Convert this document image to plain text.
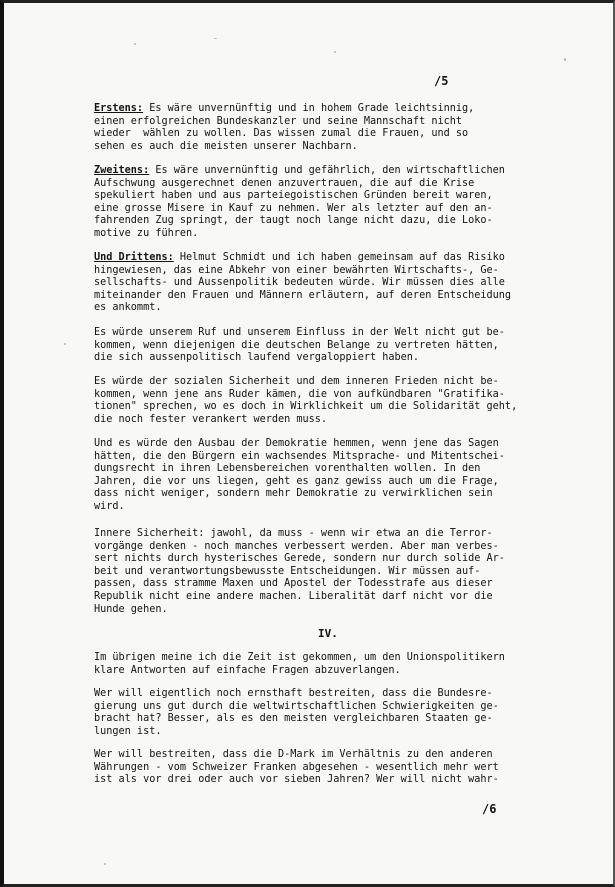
/5

Erstens: Es wäre unvernünftig und in hohem Grade leichtsinnig,
einen erfolgreichen Bundeskanzler und seine Mannschaft nicht
wieder  wählen zu wollen. Das wissen zumal die Frauen, und so
sehen es auch die meisten unserer Nachbarn.

Zweitens: Es wäre unvernünftig und gefährlich, den wirtschaftlichen
Aufschwung ausgerechnet denen anzuvertrauen, die auf die Krise
spekuliert haben und aus parteiegoistischen Gründen bereit waren,
eine grosse Misere in Kauf zu nehmen. Wer als letzter auf den an-
fahrenden Zug springt, der taugt noch lange nicht dazu, die Loko-
motive zu führen.

Und Drittens: Helmut Schmidt und ich haben gemeinsam auf das Risiko
hingewiesen, das eine Abkehr von einer bewährten Wirtschafts-, Ge-
sellschafts- und Aussenpolitik bedeuten würde. Wir müssen dies alle
miteinander den Frauen und Männern erläutern, auf deren Entscheidung
es ankommt.

Es würde unserem Ruf und unserem Einfluss in der Welt nicht gut be-
kommen, wenn diejenigen die deutschen Belange zu vertreten hätten,
die sich aussenpolitisch laufend vergaloppiert haben.

Es würde der sozialen Sicherheit und dem inneren Frieden nicht be-
kommen, wenn jene ans Ruder kämen, die von aufkündbaren "Gratifika-
tionen" sprechen, wo es doch in Wirklichkeit um die Solidarität geht,
die noch fester verankert werden muss.

Und es würde den Ausbau der Demokratie hemmen, wenn jene das Sagen
hätten, die den Bürgern ein wachsendes Mitsprache- und Mitentschei-
dungsrecht in ihren Lebensbereichen vorenthalten wollen. In den
Jahren, die vor uns liegen, geht es ganz gewiss auch um die Frage,
dass nicht weniger, sondern mehr Demokratie zu verwirklichen sein
wird.

Innere Sicherheit: jawohl, da muss - wenn wir etwa an die Terror-
vorgänge denken - noch manches verbessert werden. Aber man verbes-
sert nichts durch hysterisches Gerede, sondern nur durch solide Ar-
beit und verantwortungsbewusste Entscheidungen. Wir müssen auf-
passen, dass stramme Maxen und Apostel der Todesstrafe aus dieser
Republik nicht eine andere machen. Liberalität darf nicht vor die
Hunde gehen.

IV.

Im übrigen meine ich die Zeit ist gekommen, um den Unionspolitikern
klare Antworten auf einfache Fragen abzuverlangen.

Wer will eigentlich noch ernsthaft bestreiten, dass die Bundesre-
gierung uns gut durch die weltwirtschaftlichen Schwierigkeiten ge-
bracht hat? Besser, als es den meisten vergleichbaren Staaten ge-
lungen ist.

Wer will bestreiten, dass die D-Mark im Verhältnis zu den anderen
Währungen - vom Schweizer Franken abgesehen - wesentlich mehr wert
ist als vor drei oder auch vor sieben Jahren? Wer will nicht wahr-

/6
